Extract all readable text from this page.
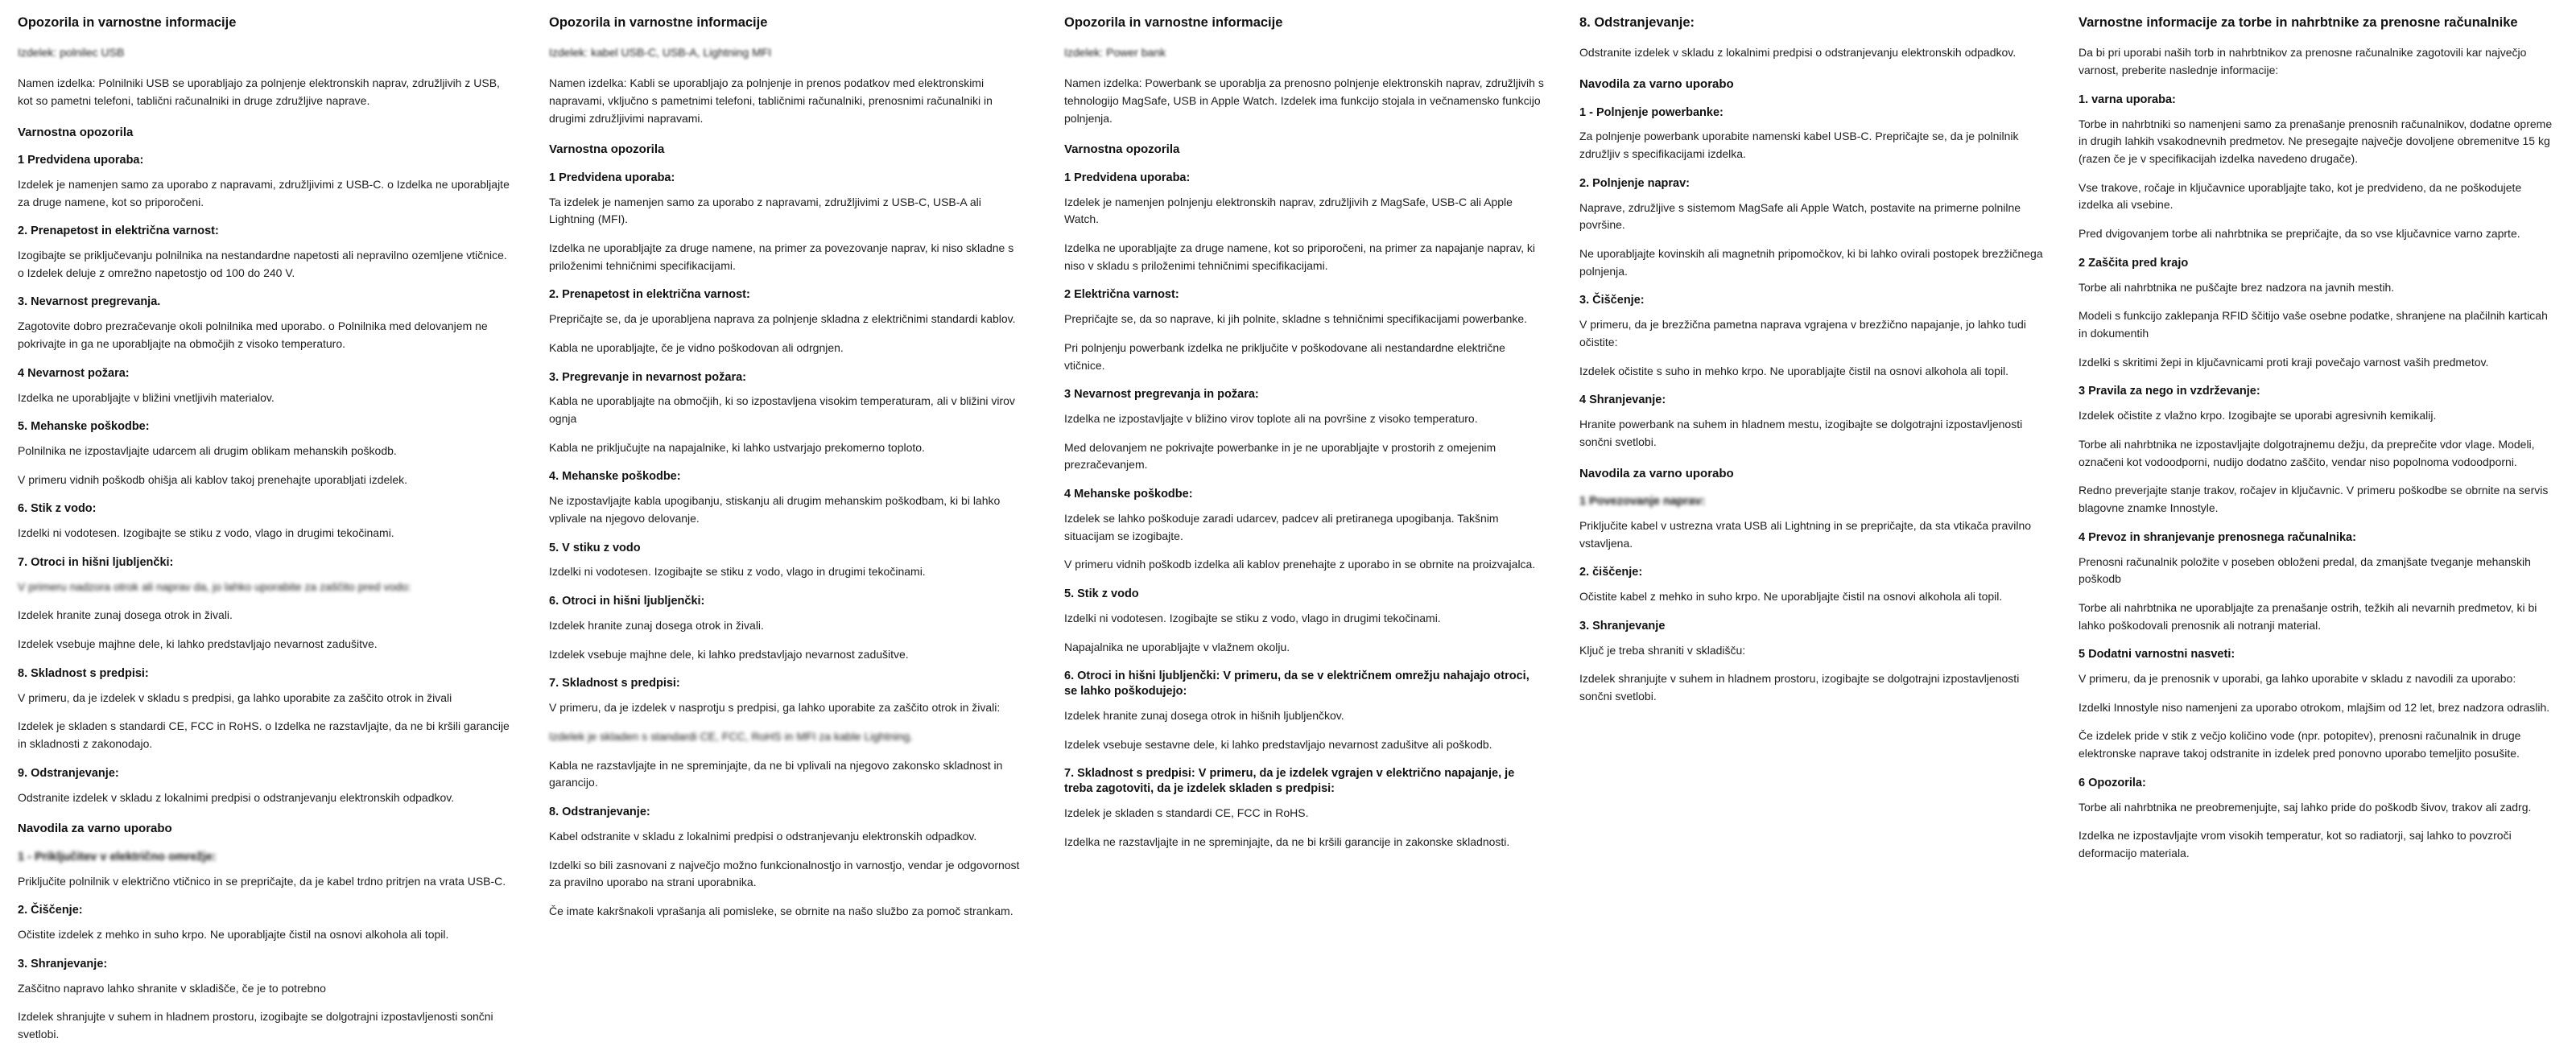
Opozorila in varnostne informacije

Izdelek: polnilec USB

Namen izdelka: Polnilniki USB se uporabljajo za polnjenje elektronskih naprav, združljivih z USB, kot so pametni telefoni, tablični računalniki in druge združljive naprave.

Varnostna opozorila
1 Predvidena uporaba:

Izdelek je namenjen samo za uporabo z napravami, združljivimi z USB-C. o Izdelka ne uporabljajte za druge namene, kot so priporočeni.

2. Prenapetost in električna varnost:

Izogibajte se priključevanju polnilnika na nestandardne napetosti ali nepravilno ozemljene vtičnice. o Izdelek deluje z omrežno napetostjo od 100 do 240 V.

3. Nevarnost pregrevanja.

Zagotovite dobro prezračevanje okoli polnilnika med uporabo. o Polnilnika med delovanjem ne pokrivajte in ga ne uporabljajte na območjih z visoko temperaturo.

4 Nevarnost požara:

Izdelka ne uporabljajte v bližini vnetljivih materialov.

5. Mehanske poškodbe:

Polnilnika ne izpostavljajte udarcem ali drugim oblikam mehanskih poškodb.

V primeru vidnih poškodb ohišja ali kablov takoj prenehajte uporabljati izdelek.

6. Stik z vodo:

Izdelki ni vodotesen. Izogibajte se stiku z vodo, vlago in drugimi tekočinami.

7. Otroci in hišni ljubljenčki:

V primeru nadzora otrok ali naprav da, jo lahko uporabite za zaščito pred vodo:

Izdelek hranite zunaj dosega otrok in živali.

Izdelek vsebuje majhne dele, ki lahko predstavljajo nevarnost zadušitve.

8. Skladnost s predpisi:

V primeru, da je izdelek v skladu s predpisi, ga lahko uporabite za zaščito otrok in živali

Izdelek je skladen s standardi CE, FCC in RoHS. o Izdelka ne razstavljajte, da ne bi kršili garancije in skladnosti z zakonodajo.

9. Odstranjevanje:

Odstranite izdelek v skladu z lokalnimi predpisi o odstranjevanju elektronskih odpadkov.

Navodila za varno uporabo
1 - Priključitev v električno omrežje:

Priključite polnilnik v električno vtičnico in se prepričajte, da je kabel trdno pritrjen na vrata USB-C.

2. Čiščenje:

Očistite izdelek z mehko in suho krpo. Ne uporabljajte čistil na osnovi alkohola ali topil.

3. Shranjevanje:

Zaščitno napravo lahko shranite v skladišče, če je to potrebno

Izdelek shranjujte v suhem in hladnem prostoru, izogibajte se dolgotrajni izpostavljenosti sončni svetlobi.

Opozorila in varnostne informacije

Izdelek: kabel USB-C, USB-A, Lightning MFI

Namen izdelka: Kabli se uporabljajo za polnjenje in prenos podatkov med elektronskimi napravami, vključno s pametnimi telefoni, tabličnimi računalniki, prenosnimi računalniki in drugimi združljivimi napravami.

Varnostna opozorila
1 Predvidena uporaba:

Ta izdelek je namenjen samo za uporabo z napravami, združljivimi z USB-C, USB-A ali Lightning (MFI).

Izdelka ne uporabljajte za druge namene, na primer za povezovanje naprav, ki niso skladne s priloženimi tehničnimi specifikacijami.

2. Prenapetost in električna varnost:

Prepričajte se, da je uporabljena naprava za polnjenje skladna z električnimi standardi kablov.

Kabla ne uporabljajte, če je vidno poškodovan ali odrgnjen.

3. Pregrevanje in nevarnost požara:

Kabla ne uporabljajte na območjih, ki so izpostavljena visokim temperaturam, ali v bližini virov ognja

Kabla ne priključujte na napajalnike, ki lahko ustvarjajo prekomerno toploto.

4. Mehanske poškodbe:

Ne izpostavljajte kabla upogibanju, stiskanju ali drugim mehanskim poškodbam, ki bi lahko vplivale na njegovo delovanje.

5. V stiku z vodo

Izdelki ni vodotesen. Izogibajte se stiku z vodo, vlago in drugimi tekočinami.

6. Otroci in hišni ljubljenčki:

Izdelek hranite zunaj dosega otrok in živali.

Izdelek vsebuje majhne dele, ki lahko predstavljajo nevarnost zadušitve.

7. Skladnost s predpisi:

V primeru, da je izdelek v nasprotju s predpisi, ga lahko uporabite za zaščito otrok in živali:

Izdelek je skladen s standardi CE, FCC, RoHS in MFI za kable Lightning.

Kabla ne razstavljajte in ne spreminjajte, da ne bi vplivali na njegovo zakonsko skladnost in garancijo.

8. Odstranjevanje:

Kabel odstranite v skladu z lokalnimi predpisi o odstranjevanju elektronskih odpadkov.

Izdelki so bili zasnovani z največjo možno funkcionalnostjo in varnostjo, vendar je odgovornost za pravilno uporabo na strani uporabnika.

Če imate kakršnakoli vprašanja ali pomisleke, se obrnite na našo službo za pomoč strankam.

Opozorila in varnostne informacije

Izdelek: Power bank

Namen izdelka: Powerbank se uporablja za prenosno polnjenje elektronskih naprav, združljivih s tehnologijo MagSafe, USB in Apple Watch. Izdelek ima funkcijo stojala in večnamensko funkcijo polnjenja.

Varnostna opozorila
1 Predvidena uporaba:

Izdelek je namenjen polnjenju elektronskih naprav, združljivih z MagSafe, USB-C ali Apple Watch.

Izdelka ne uporabljajte za druge namene, kot so priporočeni, na primer za napajanje naprav, ki niso v skladu s priloženimi tehničnimi specifikacijami.

2 Električna varnost:

Prepričajte se, da so naprave, ki jih polnite, skladne s tehničnimi specifikacijami powerbanke.

Pri polnjenju powerbank izdelka ne priključite v poškodovane ali nestandardne električne vtičnice.

3 Nevarnost pregrevanja in požara:

Izdelka ne izpostavljajte v bližino virov toplote ali na površine z visoko temperaturo.

Med delovanjem ne pokrivajte powerbanke in je ne uporabljajte v prostorih z omejenim prezračevanjem.

4 Mehanske poškodbe:

Izdelek se lahko poškoduje zaradi udarcev, padcev ali pretiranega upogibanja. Takšnim situacijam se izogibajte.

V primeru vidnih poškodb izdelka ali kablov prenehajte z uporabo in se obrnite na proizvajalca.

5. Stik z vodo

Izdelki ni vodotesen. Izogibajte se stiku z vodo, vlago in drugimi tekočinami.

Napajalnika ne uporabljajte v vlažnem okolju.

6. Otroci in hišni ljubljenčki: V primeru, da se v električnem omrežju nahajajo otroci, se lahko poškodujejo:

Izdelek hranite zunaj dosega otrok in hišnih ljubljenčkov.

Izdelek vsebuje sestavne dele, ki lahko predstavljajo nevarnost zadušitve ali poškodb.

7. Skladnost s predpisi: V primeru, da je izdelek vgrajen v električno napajanje, je treba zagotoviti, da je izdelek skladen s predpisi:

Izdelek je skladen s standardi CE, FCC in RoHS.

Izdelka ne razstavljajte in ne spreminjajte, da ne bi kršili garancije in zakonske skladnosti.

8. Odstranjevanje:

Odstranite izdelek v skladu z lokalnimi predpisi o odstranjevanju elektronskih odpadkov.

Navodila za varno uporabo
1 - Polnjenje powerbanke:

Za polnjenje powerbank uporabite namenski kabel USB-C. Prepričajte se, da je polnilnik združljiv s specifikacijami izdelka.

2. Polnjenje naprav:

Naprave, združljive s sistemom MagSafe ali Apple Watch, postavite na primerne polnilne površine.

Ne uporabljajte kovinskih ali magnetnih pripomočkov, ki bi lahko ovirali postopek brezžičnega polnjenja.

3. Čiščenje:

V primeru, da je brezžična pametna naprava vgrajena v brezžično napajanje, jo lahko tudi očistite:

Izdelek očistite s suho in mehko krpo. Ne uporabljajte čistil na osnovi alkohola ali topil.

4 Shranjevanje:

Hranite powerbank na suhem in hladnem mestu, izogibajte se dolgotrajni izpostavljenosti sončni svetlobi.

Navodila za varno uporabo
1 Povezovanje naprav:

Priključite kabel v ustrezna vrata USB ali Lightning in se prepričajte, da sta vtikača pravilno vstavljena.

2. čiščenje:

Očistite kabel z mehko in suho krpo. Ne uporabljajte čistil na osnovi alkohola ali topil.

3. Shranjevanje

Ključ je treba shraniti v skladišču:

Izdelek shranjujte v suhem in hladnem prostoru, izogibajte se dolgotrajni izpostavljenosti sončni svetlobi.

Varnostne informacije za torbe in nahrbtnike za prenosne računalnike

Da bi pri uporabi naših torb in nahrbtnikov za prenosne računalnike zagotovili kar največjo varnost, preberite naslednje informacije:

1. varna uporaba:

Torbe in nahrbtniki so namenjeni samo za prenašanje prenosnih računalnikov, dodatne opreme in drugih lahkih vsakodnevnih predmetov. Ne presegajte največje dovoljene obremenitve 15 kg (razen če je v specifikacijah izdelka navedeno drugače).

Vse trakove, ročaje in ključavnice uporabljajte tako, kot je predvideno, da ne poškodujete izdelka ali vsebine.

Pred dvigovanjem torbe ali nahrbtnika se prepričajte, da so vse ključavnice varno zaprte.

2 Zaščita pred krajo

Torbe ali nahrbtnika ne puščajte brez nadzora na javnih mestih.

Modeli s funkcijo zaklepanja RFID ščitijo vaše osebne podatke, shranjene na plačilnih karticah in dokumentih

Izdelki s skritimi žepi in ključavnicami proti kraji povečajo varnost vaših predmetov.

3 Pravila za nego in vzdrževanje:

Izdelek očistite z vlažno krpo. Izogibajte se uporabi agresivnih kemikalij.

Torbe ali nahrbtnika ne izpostavljajte dolgotrajnemu dežju, da preprečite vdor vlage. Modeli, označeni kot vodoodporni, nudijo dodatno zaščito, vendar niso popolnoma vodoodporni.

Redno preverjajte stanje trakov, ročajev in ključavnic. V primeru poškodbe se obrnite na servis blagovne znamke Innostyle.

4 Prevoz in shranjevanje prenosnega računalnika:

Prenosni računalnik položite v poseben obloženi predal, da zmanjšate tveganje mehanskih poškodb

Torbe ali nahrbtnika ne uporabljajte za prenašanje ostrih, težkih ali nevarnih predmetov, ki bi lahko poškodovali prenosnik ali notranji material.

5 Dodatni varnostni nasveti:

V primeru, da je prenosnik v uporabi, ga lahko uporabite v skladu z navodili za uporabo:

Izdelki Innostyle niso namenjeni za uporabo otrokom, mlajšim od 12 let, brez nadzora odraslih.

Če izdelek pride v stik z večjo količino vode (npr. potopitev), prenosni računalnik in druge elektronske naprave takoj odstranite in izdelek pred ponovno uporabo temeljito posušite.

6 Opozorila:

Torbe ali nahrbtnika ne preobremenjujte, saj lahko pride do poškodb šivov, trakov ali zadrg.

Izdelka ne izpostavljajte vrom visokih temperatur, kot so radiatorji, saj lahko to povzroči deformacijo materiala.
